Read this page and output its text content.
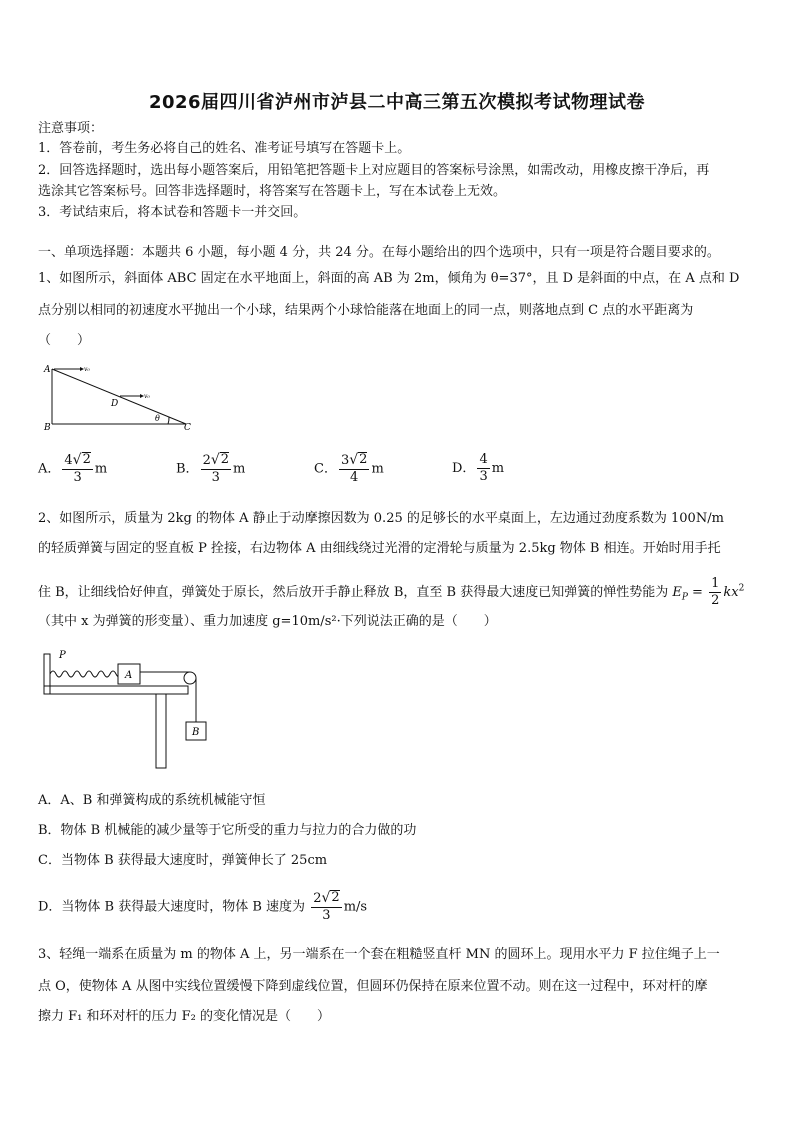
2026届四川省泸州市泸县二中高三第五次模拟考试物理试卷
注意事项：
1．答卷前，考生务必将自己的姓名、准考证号填写在答题卡上。
2．回答选择题时，选出每小题答案后，用铅笔把答题卡上对应题目的答案标号涂黑，如需改动，用橡皮擦干净后，再
选涂其它答案标号。回答非选择题时，将答案写在答题卡上，写在本试卷上无效。
3．考试结束后，将本试卷和答题卡一并交回。
一、单项选择题：本题共 6 小题，每小题 4 分，共 24 分。在每小题给出的四个选项中，只有一项是符合题目要求的。
1、如图所示，斜面体 ABC 固定在水平地面上，斜面的高 AB 为 2m，倾角为 θ=37°，且 D 是斜面的中点，在 A 点和 D
点分别以相同的初速度水平抛出一个小球，结果两个小球恰能落在地面上的同一点，则落地点到 C 点的水平距离为
（　　）
A
B	C
D
v₀
v₀
θ
A． $\frac{4 √ 2}{3}$ m	B． $\frac{2 √ 2}{3}$ m	C． $\frac{3 √ 2}{4}$ m	D． $\frac{4}{3}$ m
2、如图所示，质量为 2kg 的物体 A 静止于动摩擦因数为 0.25 的足够长的水平桌面上，左边通过劲度系数为 100N/m
的轻质弹簧与固定的竖直板 P 拴接，右边物体 A 由细线绕过光滑的定滑轮与质量为 2.5kg 物体 B 相连。开始时用手托
住 B，让细线恰好伸直，弹簧处于原长，然后放开手静止释放 B，直至 B 获得最大速度已知弹簧的惮性势能为 $E_P = \frac{1}{2} kx^2$
（其中 x 为弹簧的形变量）、重力加速度 g=10m/s²·下列说法正确的是（　　）
P
A
B
A．A、B 和弹簧构成的系统机械能守恒
B．物体 B 机械能的减少量等于它所受的重力与拉力的合力做的功
C．当物体 B 获得最大速度时，弹簧伸长了 25cm
D．当物体 B 获得最大速度时，物体 B 速度为 $\frac{2 √ 2}{3} m/s$
3、轻绳一端系在质量为 m 的物体 A 上，另一端系在一个套在粗糙竖直杆 MN 的圆环上。现用水平力 F 拉住绳子上一
点 O，使物体 A 从图中实线位置缓慢下降到虚线位置，但圆环仍保持在原来位置不动。则在这一过程中，环对杆的摩
擦力 F₁ 和环对杆的压力 F₂ 的变化情况是（　　）
